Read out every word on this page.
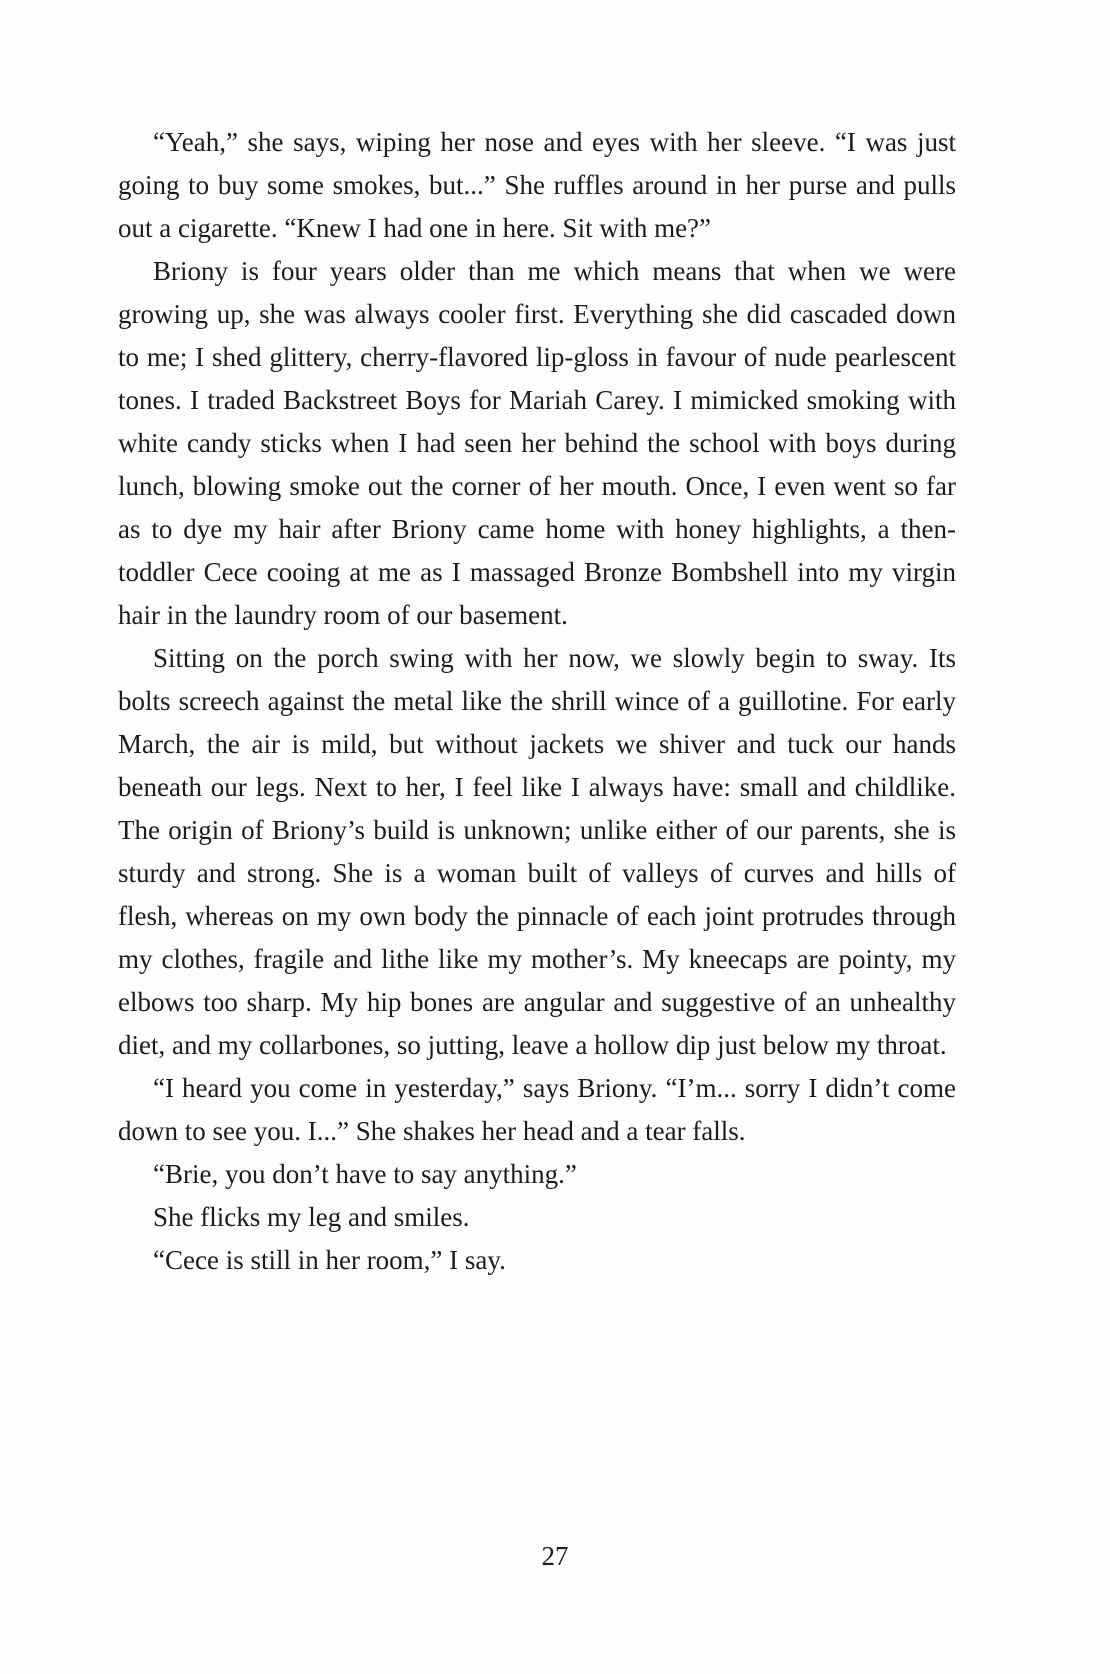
“Yeah,” she says, wiping her nose and eyes with her sleeve. “I was just going to buy some smokes, but...” She ruffles around in her purse and pulls out a cigarette. “Knew I had one in here. Sit with me?”

Briony is four years older than me which means that when we were growing up, she was always cooler first. Everything she did cascaded down to me; I shed glittery, cherry-flavored lip-gloss in favour of nude pearlescent tones. I traded Backstreet Boys for Mariah Carey. I mimicked smoking with white candy sticks when I had seen her behind the school with boys during lunch, blowing smoke out the corner of her mouth. Once, I even went so far as to dye my hair after Briony came home with honey highlights, a then-toddler Cece cooing at me as I massaged Bronze Bombshell into my virgin hair in the laundry room of our basement.

Sitting on the porch swing with her now, we slowly begin to sway. Its bolts screech against the metal like the shrill wince of a guillotine. For early March, the air is mild, but without jackets we shiver and tuck our hands beneath our legs. Next to her, I feel like I always have: small and childlike. The origin of Briony’s build is unknown; unlike either of our parents, she is sturdy and strong. She is a woman built of valleys of curves and hills of flesh, whereas on my own body the pinnacle of each joint protrudes through my clothes, fragile and lithe like my mother’s. My kneecaps are pointy, my elbows too sharp. My hip bones are angular and suggestive of an unhealthy diet, and my collarbones, so jutting, leave a hollow dip just below my throat.

“I heard you come in yesterday,” says Briony. “I’m... sorry I didn’t come down to see you. I...” She shakes her head and a tear falls.

“Brie, you don’t have to say anything.”

She flicks my leg and smiles.

“Cece is still in her room,” I say.

27
